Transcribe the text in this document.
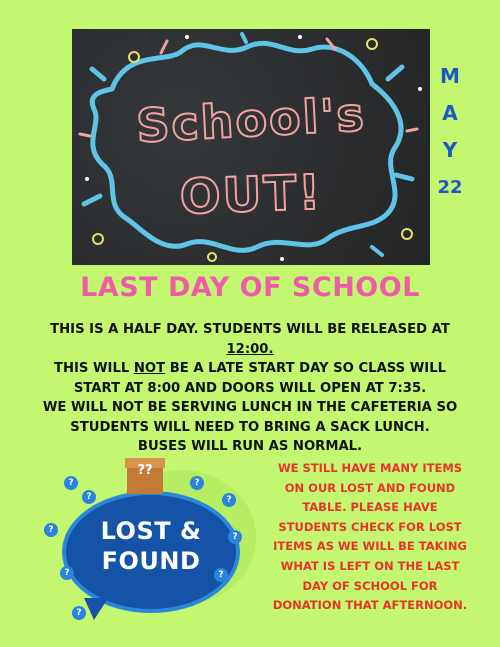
School's
OUT!
M
A
Y
22
LAST DAY OF SCHOOL
THIS IS A HALF DAY. STUDENTS WILL BE RELEASED AT 12:00.
THIS WILL NOT BE A LATE START DAY SO CLASS WILL START AT 8:00 AND DOORS WILL OPEN AT 7:35.
WE WILL NOT BE SERVING LUNCH IN THE CAFETERIA SO STUDENTS WILL NEED TO BRING A SACK LUNCH.
BUSES WILL RUN AS NORMAL.
??
LOST &
FOUND
?
?
?
?
?
?
?
?
?
WE STILL HAVE MANY ITEMS ON OUR LOST AND FOUND TABLE. PLEASE HAVE STUDENTS CHECK FOR LOST ITEMS AS WE WILL BE TAKING WHAT IS LEFT ON THE LAST DAY OF SCHOOL FOR DONATION THAT AFTERNOON.
